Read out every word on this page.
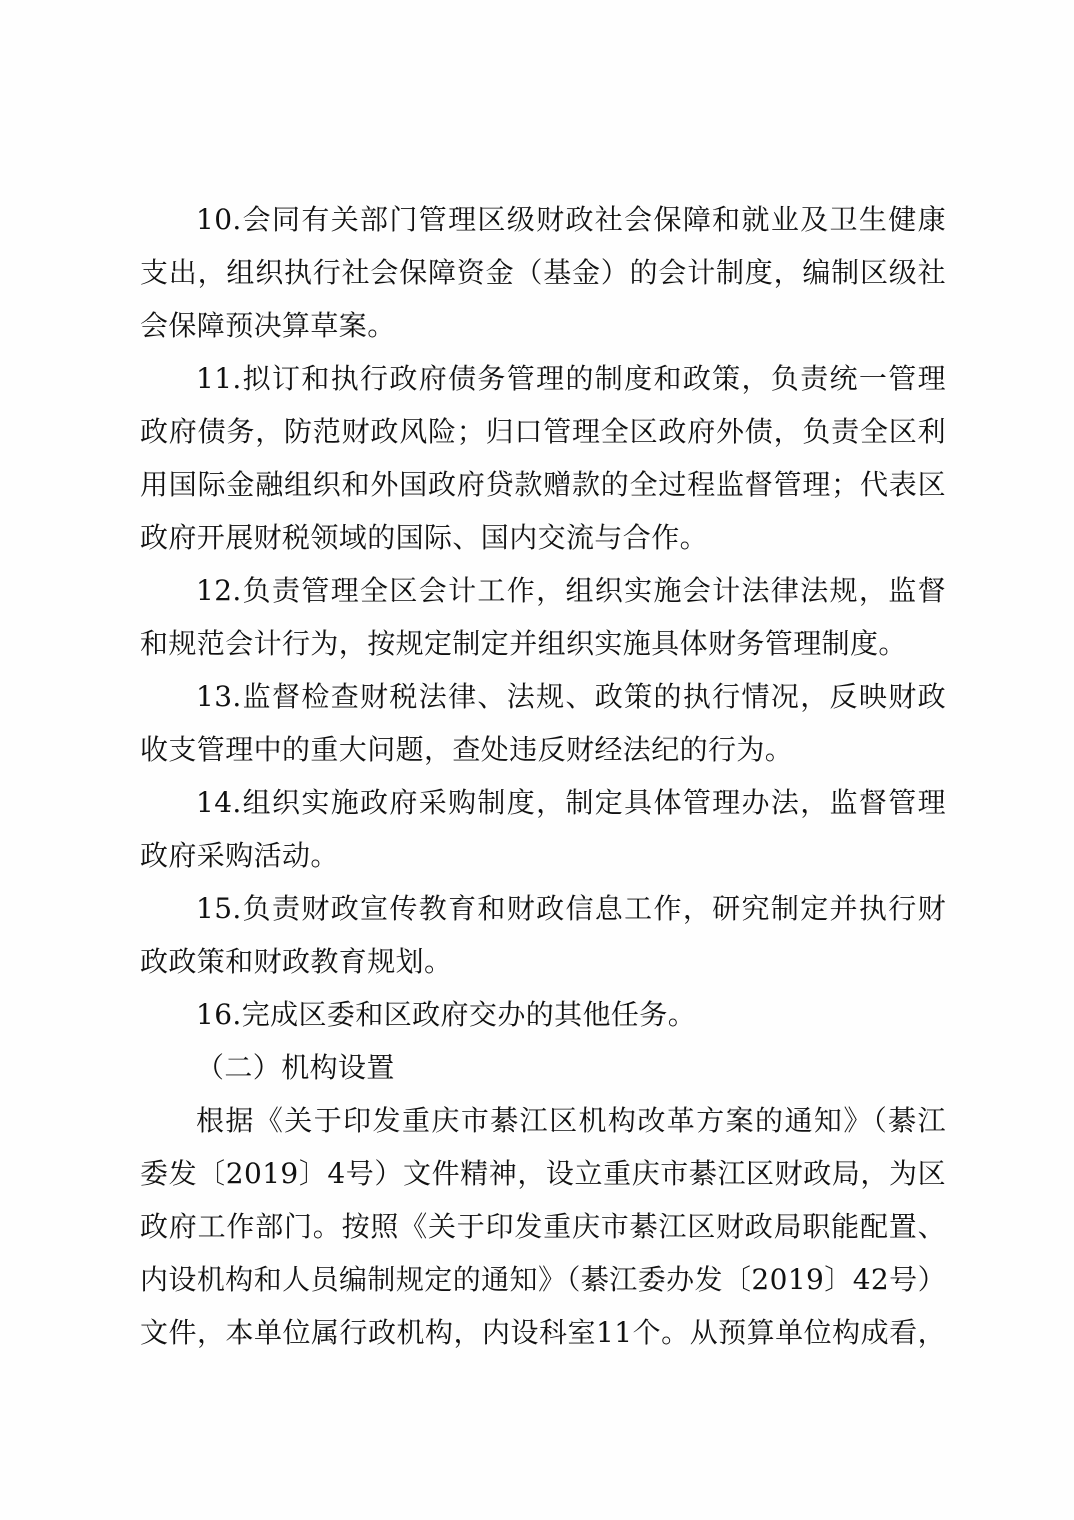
10.会同有关部门管理区级财政社会保障和就业及卫生健康
支出，组织执行社会保障资金（基金）的会计制度，编制区级社
会保障预决算草案。
11.拟订和执行政府债务管理的制度和政策，负责统一管理
政府债务，防范财政风险；归口管理全区政府外债，负责全区利
用国际金融组织和外国政府贷款赠款的全过程监督管理；代表区
政府开展财税领域的国际、国内交流与合作。
12.负责管理全区会计工作，组织实施会计法律法规，监督
和规范会计行为，按规定制定并组织实施具体财务管理制度。
13.监督检查财税法律、法规、政策的执行情况，反映财政
收支管理中的重大问题，查处违反财经法纪的行为。
14.组织实施政府采购制度，制定具体管理办法，监督管理
政府采购活动。
15.负责财政宣传教育和财政信息工作，研究制定并执行财
政政策和财政教育规划。
16.完成区委和区政府交办的其他任务。
（二）机构设置
根据《关于印发重庆市綦江区机构改革方案的通知》（綦江
委发〔2019〕4号）文件精神，设立重庆市綦江区财政局，为区
政府工作部门。按照《关于印发重庆市綦江区财政局职能配置、
内设机构和人员编制规定的通知》（綦江委办发〔2019〕42号）
文件，本单位属行政机构，内设科室11个。从预算单位构成看，
